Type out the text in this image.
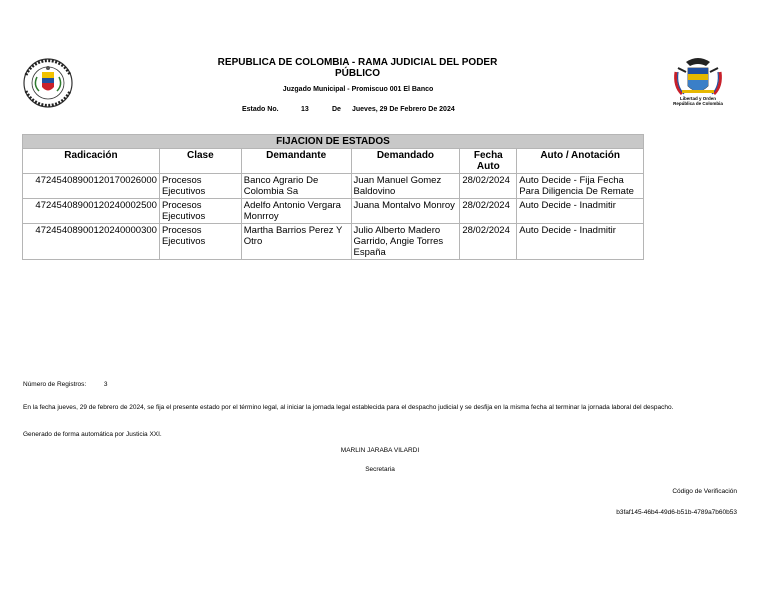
Libertad y Orden
República de Colombia
REPUBLICA DE COLOMBIA - RAMA JUDICIAL DEL PODER
PÚBLICO
Juzgado Municipal - Promiscuo 001 El Banco
Estado No.	13	De Jueves, 29 De Febrero De 2024
FIJACION DE ESTADOS					
Radicación	Clase	Demandante	Demandado	Fecha Auto	Auto / Anotación
47245408900120170026000	Procesos Ejecutivos	Banco Agrario De Colombia Sa	Juan Manuel Gomez Baldovino	28/02/2024	Auto Decide - Fija Fecha Para Diligencia De Remate
47245408900120240002500	Procesos Ejecutivos	Adelfo Antonio Vergara Monrroy	Juana Montalvo Monroy	28/02/2024	Auto Decide - Inadmitir
47245408900120240000300	Procesos Ejecutivos	Martha Barrios Perez Y Otro	Julio Alberto Madero Garrido, Angie Torres España	28/02/2024	Auto Decide - Inadmitir
Número de Registros:	3
En la fecha jueves, 29 de febrero de 2024, se fija el presente estado por el término legal, al iniciar la jornada legal establecida para el despacho judicial y se desfija en la misma fecha al terminar la jornada laboral del despacho.
Generado de forma automática por Justicia XXI.
MARLIN JARABA VILARDI
Secretaria
Código de Verificación
b3faf145-46b4-49d6-b51b-4789a7b60b53
